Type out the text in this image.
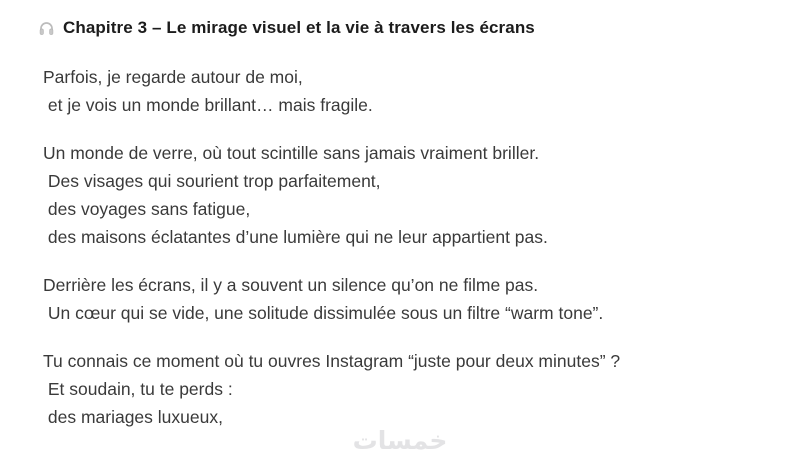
Chapitre 3 – Le mirage visuel et la vie à travers les écrans

Parfois, je regarde autour de moi,
et je vois un monde brillant… mais fragile.

Un monde de verre, où tout scintille sans jamais vraiment briller.
Des visages qui sourient trop parfaitement,
des voyages sans fatigue,
des maisons éclatantes d’une lumière qui ne leur appartient pas.

Derrière les écrans, il y a souvent un silence qu’on ne filme pas.
Un cœur qui se vide, une solitude dissimulée sous un filtre “warm tone”.

Tu connais ce moment où tu ouvres Instagram “juste pour deux minutes” ?
Et soudain, tu te perds :
des mariages luxueux,

خمسات
